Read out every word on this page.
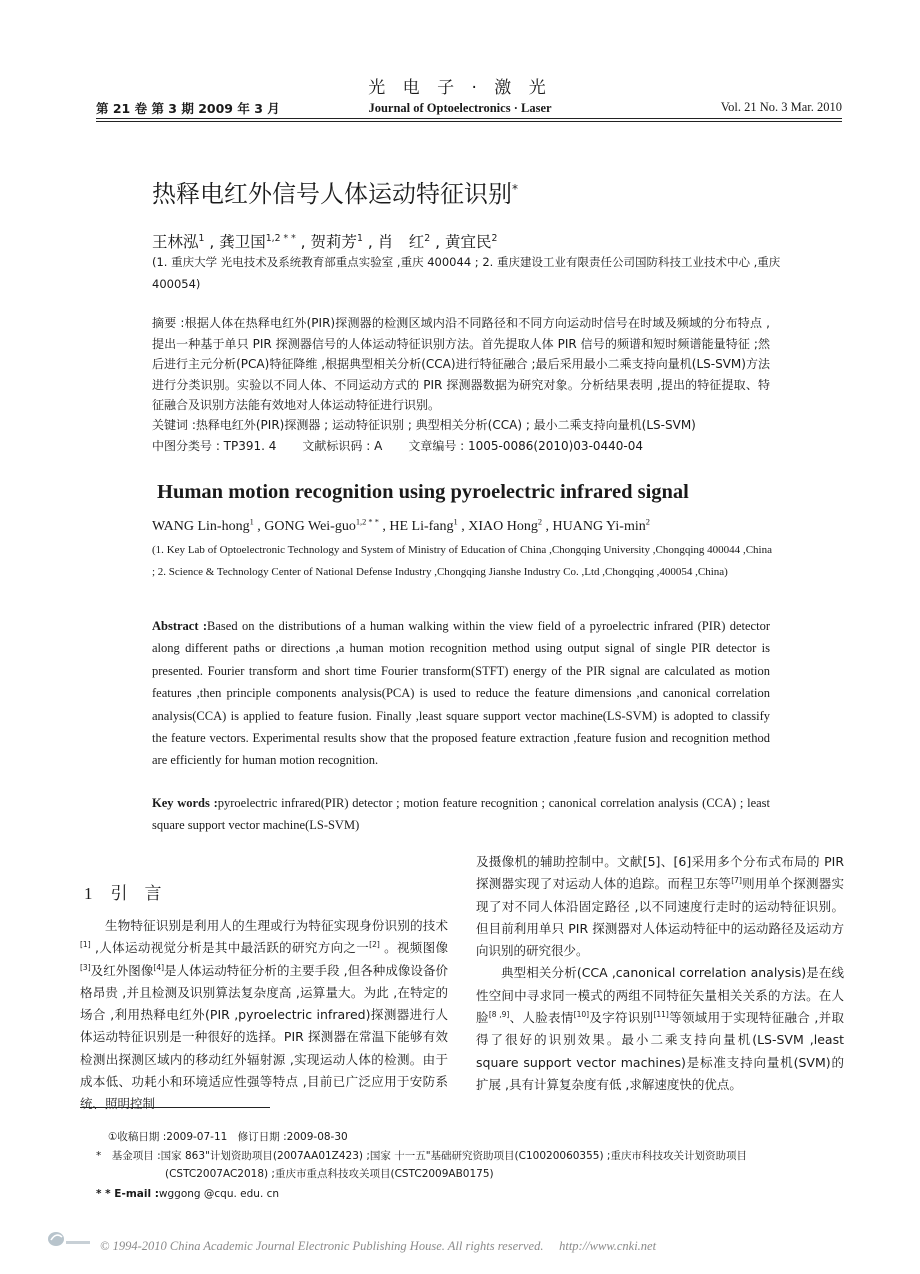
光 电 子 · 激 光
第 21 卷 第 3 期 2009 年 3 月	Journal of Optoelectronics · Laser	Vol. 21 No. 3 Mar. 2010
热释电红外信号人体运动特征识别*
王林泓$^1$ , 龚卫国$^{1,2 * *}$ , 贺莉芳$^1$ , 肖　红$^2$ , 黄宜民$^2$
(1. 重庆大学 光电技术及系统教育部重点实验室 ,重庆 400044 ; 2. 重庆建设工业有限责任公司国防科技工业技术中心 ,重庆 400054)
摘要 :根据人体在热释电红外(PIR)探测器的检测区域内沿不同路径和不同方向运动时信号在时域及频域的分布特点 ,提出一种基于单只 PIR 探测器信号的人体运动特征识别方法。首先提取人体 PIR 信号的频谱和短时频谱能量特征 ;然后进行主元分析(PCA)特征降维 ,根据典型相关分析(CCA)进行特征融合 ;最后采用最小二乘支持向量机(LS-SVM)方法进行分类识别。实验以不同人体、不同运动方式的 PIR 探测器数据为研究对象。分析结果表明 ,提出的特征提取、特征融合及识别方法能有效地对人体运动特征进行识别。
关键词 :热释电红外(PIR)探测器 ; 运动特征识别 ; 典型相关分析(CCA) ; 最小二乘支持向量机(LS-SVM)
中图分类号 : TP391. 4 文献标识码 : A 文章编号 : 1005-0086(2010)03-0440-04
Human motion recognition using pyroelectric infrared signal
WANG Lin-hong$^1$ , GONG Wei-guo$^{1,2 * *}$ , HE Li-fang$^1$ , XIAO Hong$^2$ , HUANG $Yi-\min^2$
(1. Key Lab of Optoelectronic Technology and System of Ministry of Education of China ,Chongqing University ,Chongqing 400044 ,China ; 2. Science & Technology Center of National Defense Industry ,Chongqing Jianshe Industry Co. ,Ltd ,Chongqing ,400054 ,China)
Abstract :Based on the distributions of a human walking within the view field of a pyroelectric infrared (PIR) detector along different paths or directions ,a human motion recognition method using output signal of single PIR detector is presented. Fourier transform and short time Fourier transform(STFT) energy of the PIR signal are calculated as motion features ,then principle components analysis(PCA) is used to reduce the feature dimensions ,and canonical correlation analysis(CCA) is applied to feature fusion. Finally ,least square support vector machine(LS-SVM) is adopted to classify the feature vectors. Experimental results show that the proposed feature extraction ,feature fusion and recognition method are efficiently for human motion recognition.
Key words :pyroelectric infrared(PIR) detector ; motion feature recognition ; canonical correlation analysis (CCA) ; least square support vector machine(LS-SVM)
1 引　言
生物特征识别是利用人的生理或行为特征实现身份识别的技术[1] ,人体运动视觉分析是其中最活跃的研究方向之一[2] 。视频图像[3]及红外图像[4]是人体运动特征分析的主要手段 ,但各种成像设备价格昂贵 ,并且检测及识别算法复杂度高 ,运算量大。为此 ,在特定的场合 ,利用热释电红外(PIR ,pyroelectric infrared)探测器进行人体运动特征识别是一种很好的选择。PIR 探测器在常温下能够有效检测出探测区域内的移动红外辐射源 ,实现运动人体的检测。由于成本低、功耗小和环境适应性强等特点 ,目前已广泛应用于安防系统、照明控制

及摄像机的辅助控制中。文献[5]、[6]采用多个分布式布局的 PIR 探测器实现了对运动人体的追踪。而程卫东等[7]则用单个探测器实现了对不同人体沿固定路径 ,以不同速度行走时的运动特征识别。但目前利用单只 PIR 探测器对人体运动特征中的运动路径及运动方向识别的研究很少。

典型相关分析(CCA ,canonical correlation analysis)是在线性空间中寻求同一模式的两组不同特征矢量相关关系的方法。在人脸[8 ,9]、人脸表情[10]及字符识别[11]等领域用于实现特征融合 ,并取得了很好的识别效果。最小二乘支持向量机(LS-SVM ,least square support vector machines)是标准支持向量机(SVM)的扩展 ,具有计算复杂度有低 ,求解速度快的优点。

①收稿日期 :2009-07-11　修订日期 :2009-08-30
*　基金项目 :国家 863"计划资助项目(2007AA01Z423) ;国家 十一五"基础研究资助项目(C10020060355) ;重庆市科技攻关计划资助项目
(CSTC2007AC2018) ;重庆市重点科技攻关项目(CSTC2009AB0175)
* * E-mail :wggong @cqu. edu. cn
© 1994-2010 China Academic Journal Electronic Publishing House. All rights reserved.　 http://www.cnki.net
